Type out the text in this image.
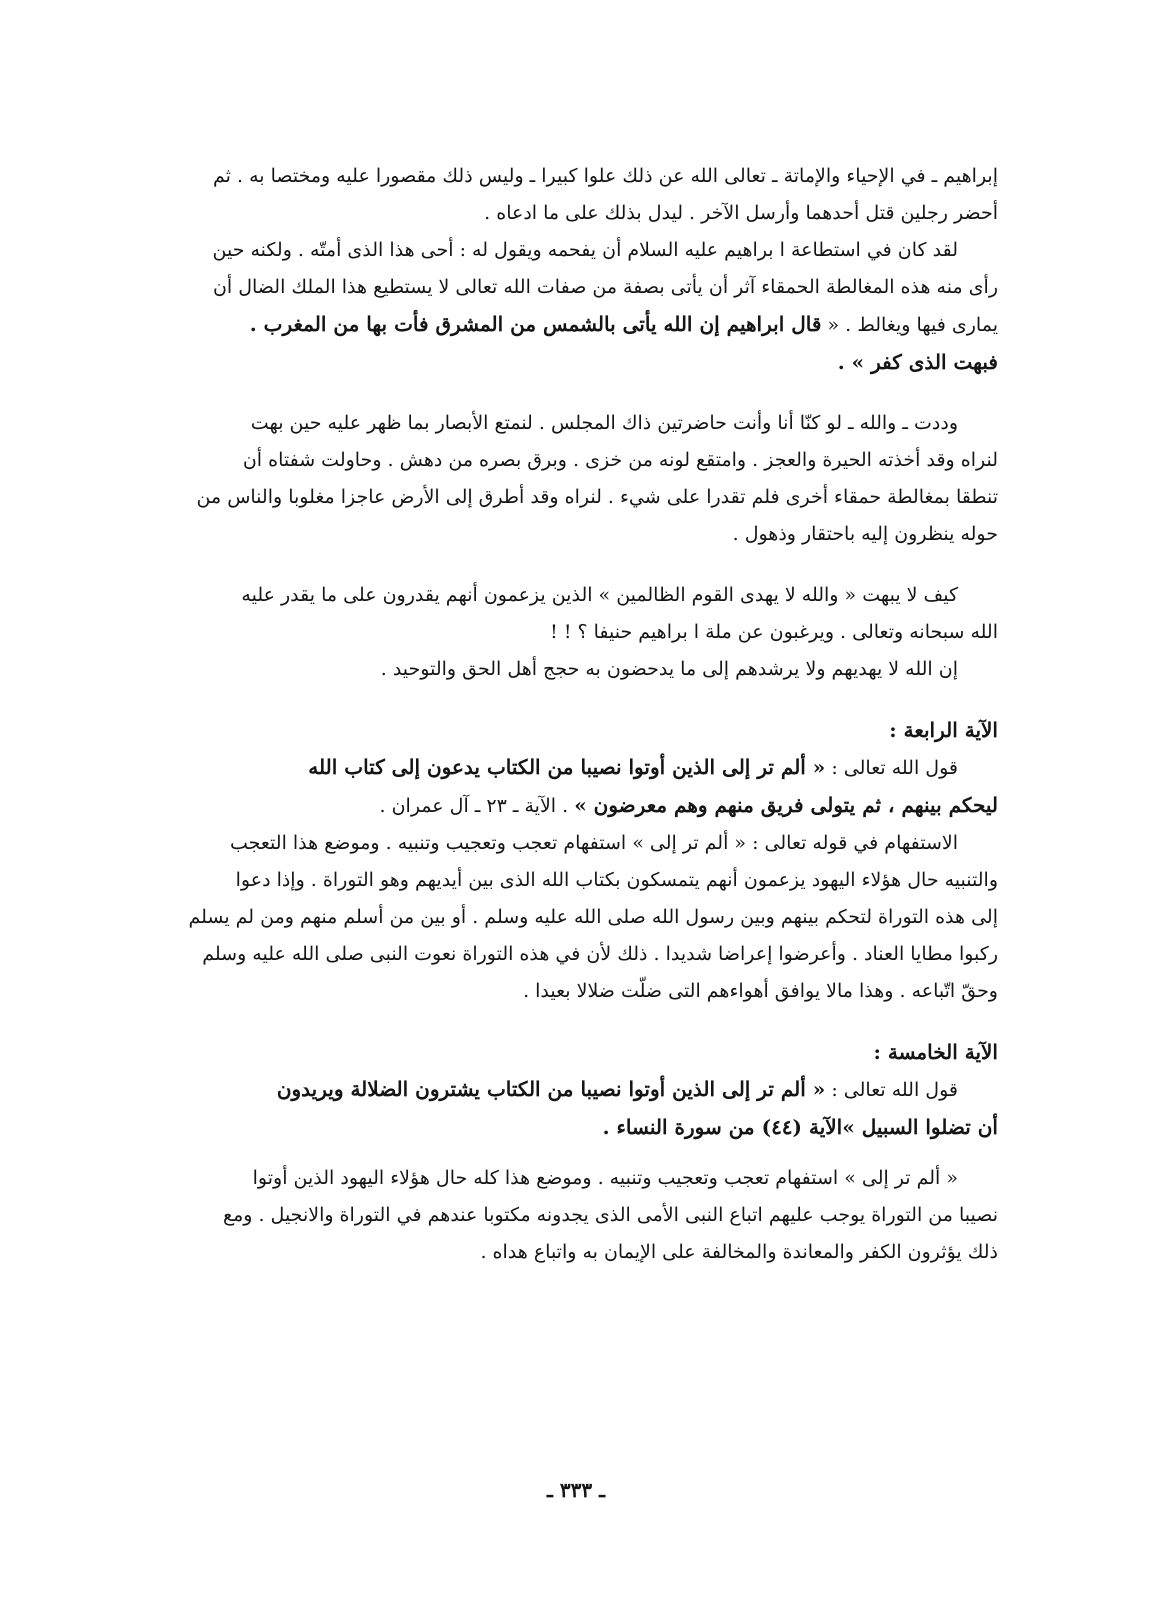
إبراهيم ـ في الإحياء والإماتة ـ تعالى الله عن ذلك علوا كبيرا ـ وليس ذلك مقصورا عليه ومختصا به . ثم
أحضر رجلين قتل أحدهما وأرسل الآخر . ليدل بذلك على ما ادعاه .
لقد كان في استطاعة ا براهيم عليه السلام أن يفحمه ويقول له : أحى هذا الذى أمتّه . ولكنه حين
رأى منه هذه المغالطة الحمقاء آثر أن يأتى بصفة من صفات الله تعالى لا يستطيع هذا الملك الضال أن
يمارى فيها ويغالط . « قال ابراهيم إن الله يأتى بالشمس من المشرق فأت بها من المغرب .
فبهت الذى كفر » .
وددت ـ والله ـ لو كنّا أنا وأنت حاضرتين ذاك المجلس . لنمتع الأبصار بما ظهر عليه حين بهت
لنراه وقد أخذته الحيرة والعجز . وامتقع لونه من خزى . وبرق بصره من دهش . وحاولت شفتاه أن
تنطقا بمغالطة حمقاء أخرى فلم تقدرا على شيء . لنراه وقد أطرق إلى الأرض عاجزا مغلوبا والناس من
حوله ينظرون إليه باحتقار وذهول .
كيف لا يبهت « والله لا يهدى القوم الظالمين » الذين يزعمون أنهم يقدرون على ما يقدر عليه
الله سبحانه وتعالى . ويرغبون عن ملة ا براهيم حنيفا ؟ ! !
إن الله لا يهديهم ولا يرشدهم إلى ما يدحضون به حجج أهل الحق والتوحيد .
الآية الرابعة :
قول الله تعالى : « ألم تر إلى الذين أوتوا نصيبا من الكتاب يدعون إلى كتاب الله
ليحكم بينهم ، ثم يتولى فريق منهم وهم معرضون » . الآية ـ ٢٣ ـ آل عمران .
الاستفهام في قوله تعالى : « ألم تر إلى » استفهام تعجب وتعجيب وتنبيه . وموضع هذا التعجب
والتنبيه حال هؤلاء اليهود يزعمون أنهم يتمسكون بكتاب الله الذى بين أيديهم وهو التوراة . وإذا دعوا
إلى هذه التوراة لتحكم بينهم وبين رسول الله صلى الله عليه وسلم . أو بين من أسلم منهم ومن لم يسلم
ركبوا مطايا العناد . وأعرضوا إعراضا شديدا . ذلك لأن في هذه التوراة نعوت النبى صلى الله عليه وسلم
وحقّ اتّباعه . وهذا مالا يوافق أهواءهم التى ضلّت ضلالا بعيدا .
الآية الخامسة :
قول الله تعالى : « ألم تر إلى الذين أوتوا نصيبا من الكتاب يشترون الضلالة ويريدون
أن تضلوا السبيل »الآية (٤٤) من سورة النساء .
« ألم تر إلى » استفهام تعجب وتعجيب وتنبيه . وموضع هذا كله حال هؤلاء اليهود الذين أوتوا
نصيبا من التوراة يوجب عليهم اتباع النبى الأمى الذى يجدونه مكتوبا عندهم في التوراة والانجيل . ومع
ذلك يؤثرون الكفر والمعاندة والمخالفة على الإيمان به واتباع هداه .
ـ ٣٣٣ ـ
